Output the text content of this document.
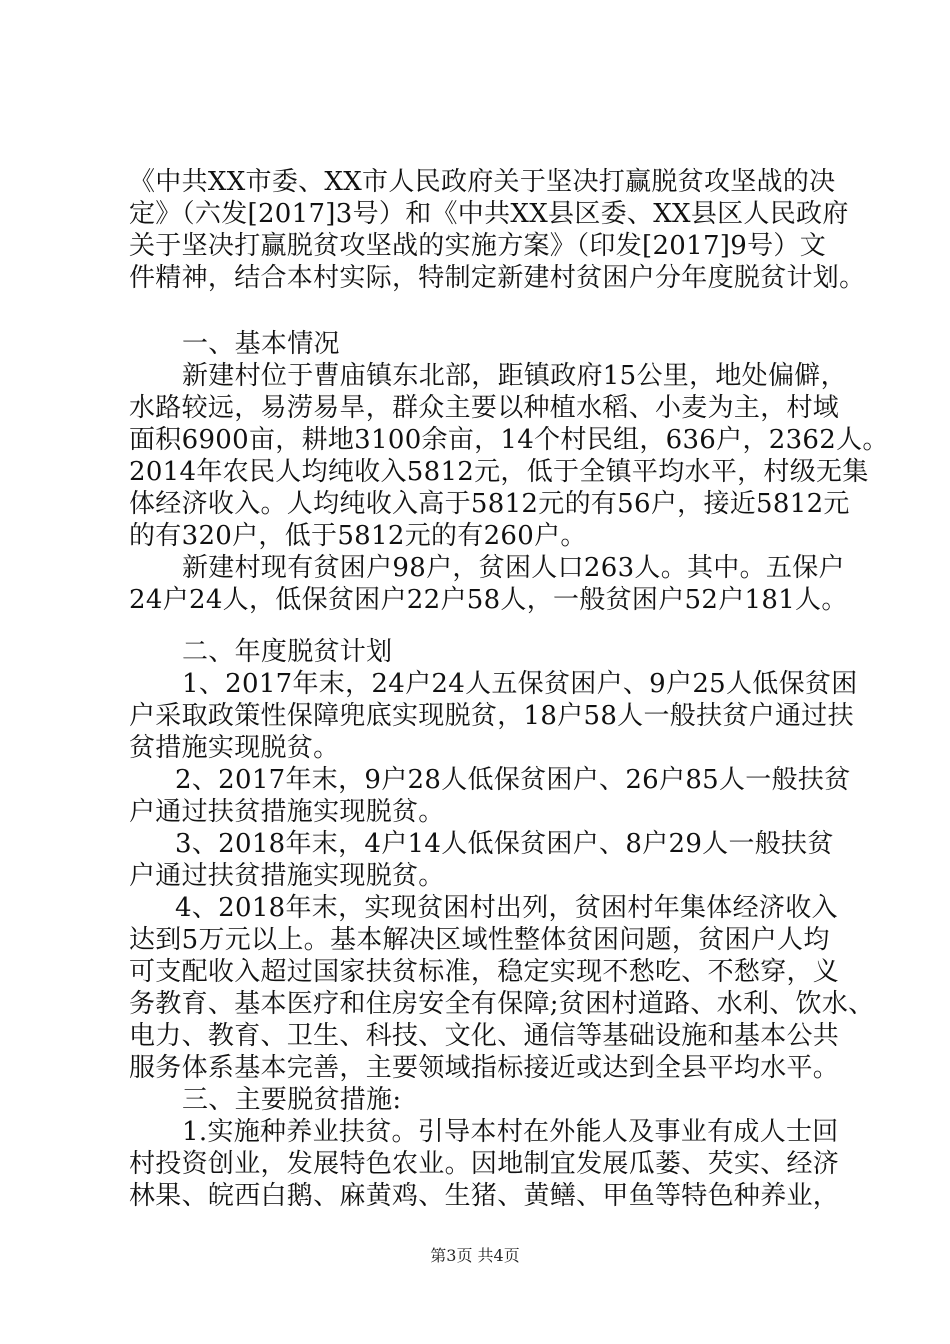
《中共XX市委、XX市人民政府关于坚决打赢脱贫攻坚战的决
定》（六发[2017]3号）和《中共XX县区委、XX县区人民政府
关于坚决打赢脱贫攻坚战的实施方案》（印发[2017]9号）文
件精神，结合本村实际，特制定新建村贫困户分年度脱贫计划。
一、基本情况
新建村位于曹庙镇东北部，距镇政府15公里，地处偏僻，
水路较远，易涝易旱，群众主要以种植水稻、小麦为主，村域
面积6900亩，耕地3100余亩，14个村民组，636户，2362人。
2014年农民人均纯收入5812元，低于全镇平均水平，村级无集
体经济收入。人均纯收入高于5812元的有56户，接近5812元
的有320户，低于5812元的有260户。
新建村现有贫困户98户，贫困人口263人。其中。五保户
24户24人，低保贫困户22户58人，一般贫困户52户181人。
二、年度脱贫计划
1、2017年末，24户24人五保贫困户、9户25人低保贫困
户采取政策性保障兜底实现脱贫，18户58人一般扶贫户通过扶
贫措施实现脱贫。
2、2017年末，9户28人低保贫困户、26户85人一般扶贫
户通过扶贫措施实现脱贫。
3、2018年末，4户14人低保贫困户、8户29人一般扶贫
户通过扶贫措施实现脱贫。
4、2018年末，实现贫困村出列，贫困村年集体经济收入
达到5万元以上。基本解决区域性整体贫困问题，贫困户人均
可支配收入超过国家扶贫标准，稳定实现不愁吃、不愁穿，义
务教育、基本医疗和住房安全有保障;贫困村道路、水利、饮水、
电力、教育、卫生、科技、文化、通信等基础设施和基本公共
服务体系基本完善，主要领域指标接近或达到全县平均水平。
三、主要脱贫措施:
1.实施种养业扶贫。引导本村在外能人及事业有成人士回
村投资创业，发展特色农业。因地制宜发展瓜蒌、芡实、经济
林果、皖西白鹅、麻黄鸡、生猪、黄鳝、甲鱼等特色种养业，
第3页 共4页
